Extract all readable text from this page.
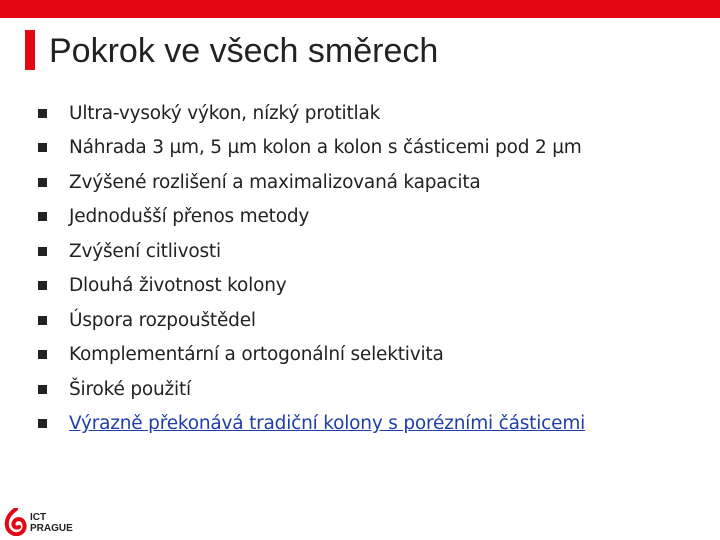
Pokrok ve všech směrech
Ultra-vysoký výkon, nízký protitlak
Náhrada 3 µm, 5 µm kolon a kolon s částicemi pod 2 µm
Zvýšené rozlišení a maximalizovaná kapacita
Jednodušší přenos metody
Zvýšení citlivosti
Dlouhá životnost kolony
Úspora rozpouštědel
Komplementární a ortogonální selektivita
Široké použití
Výrazně překonává tradiční kolony s porézními částicemi
ICT
PRAGUE
